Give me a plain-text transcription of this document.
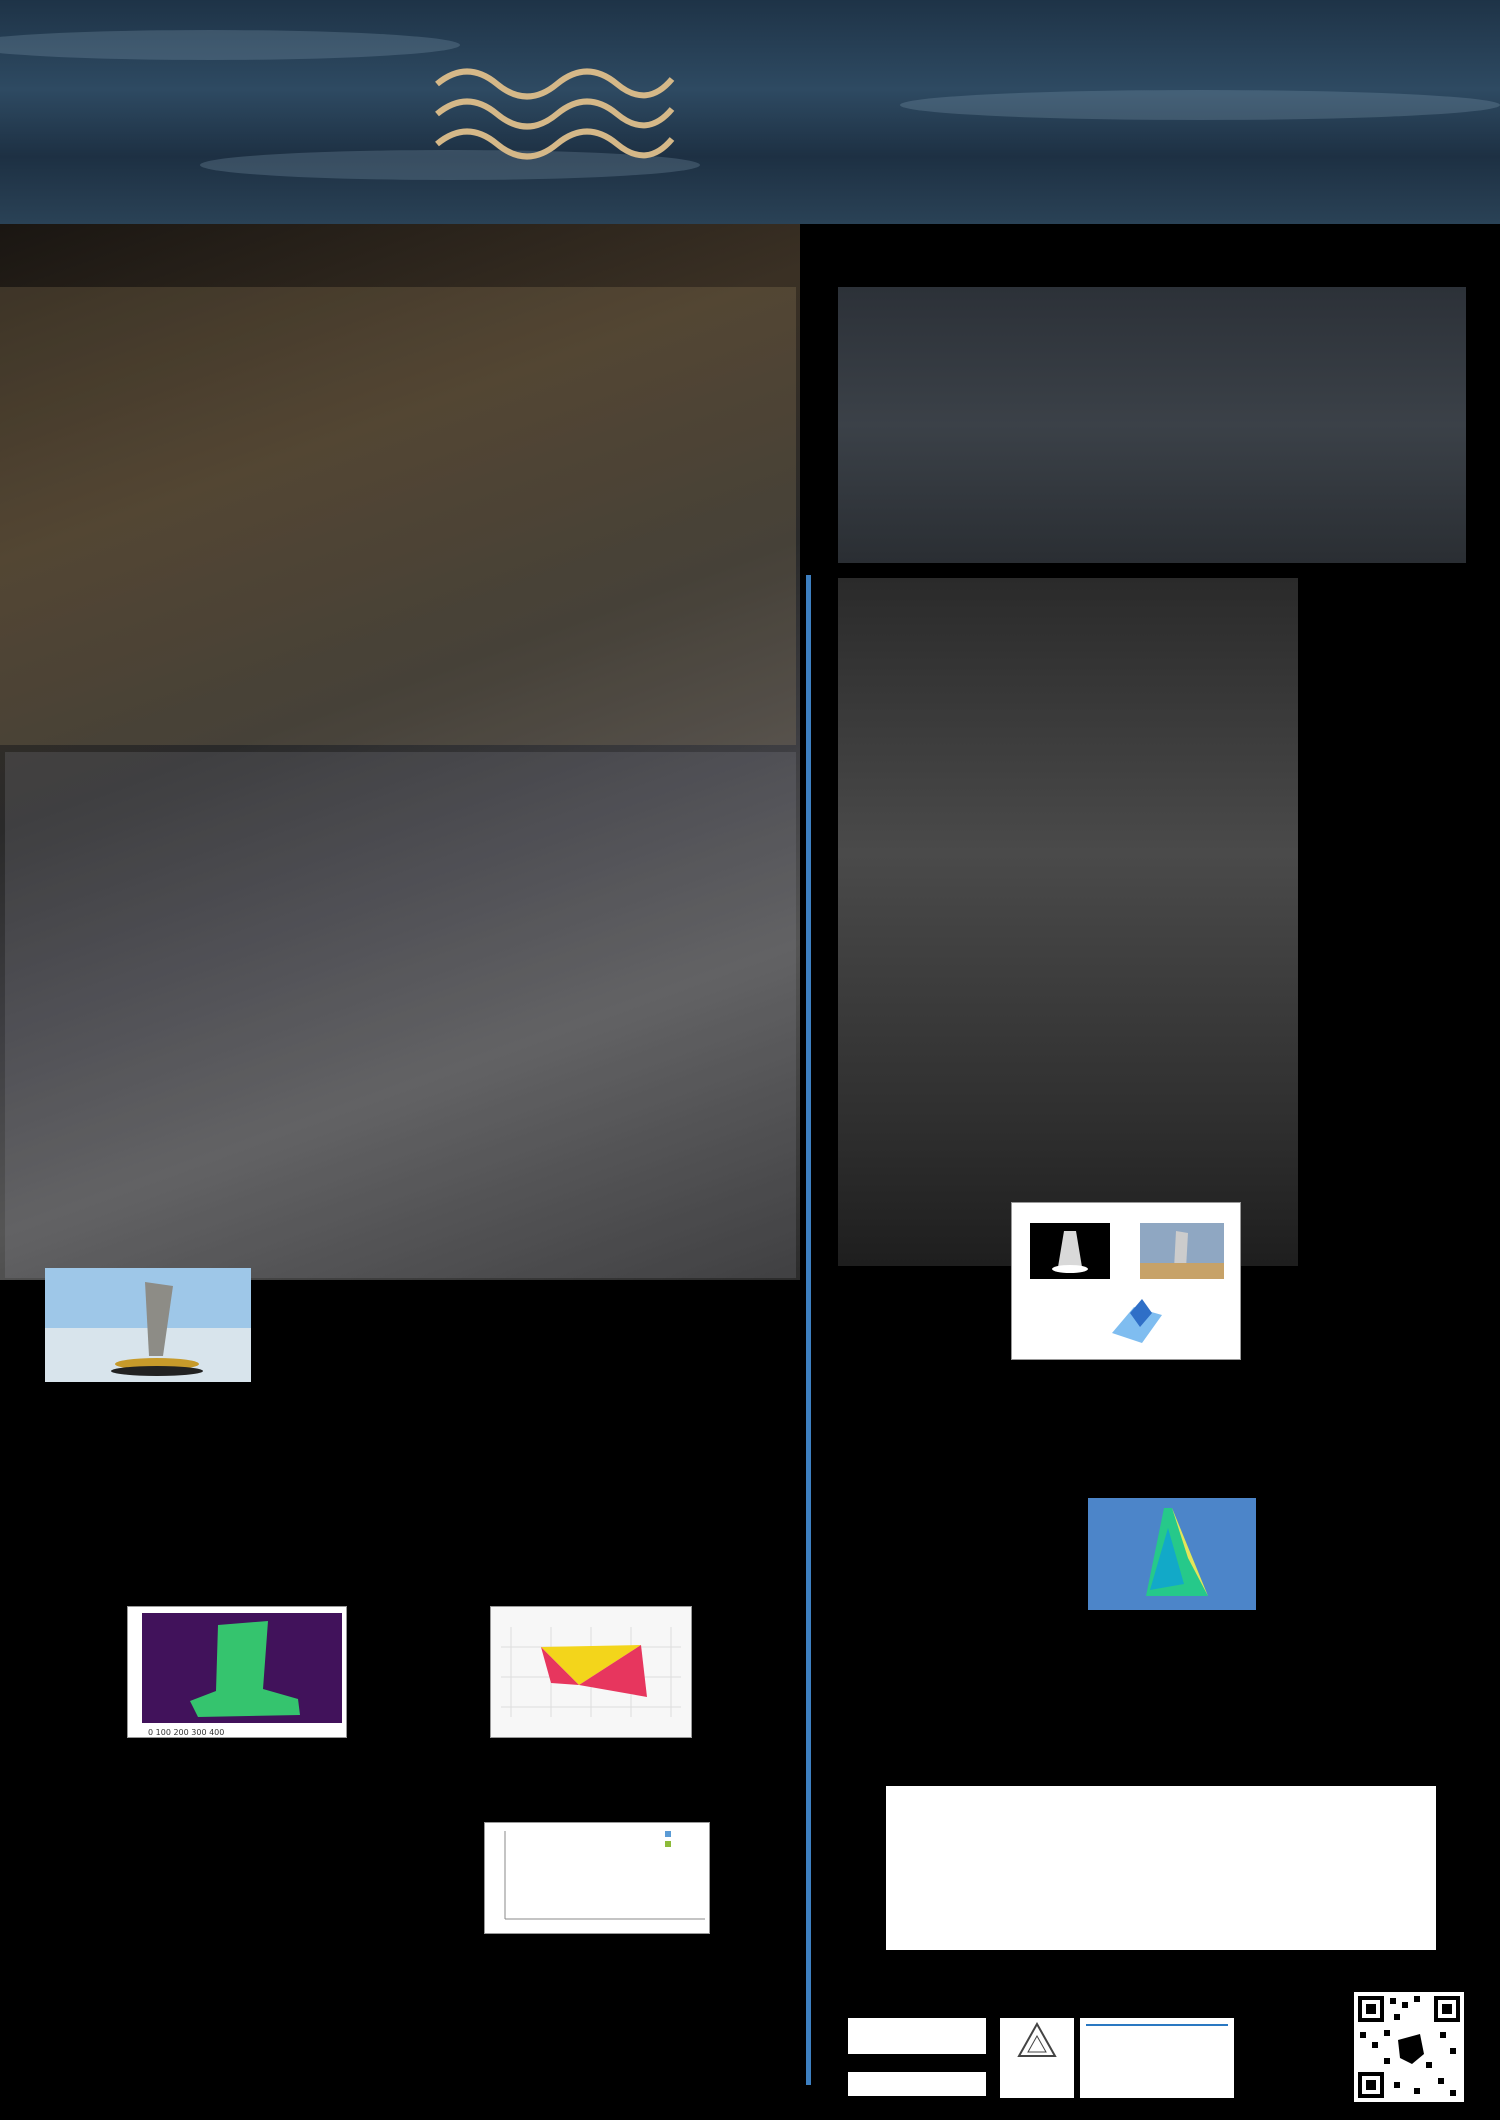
0 100 200 300 400
